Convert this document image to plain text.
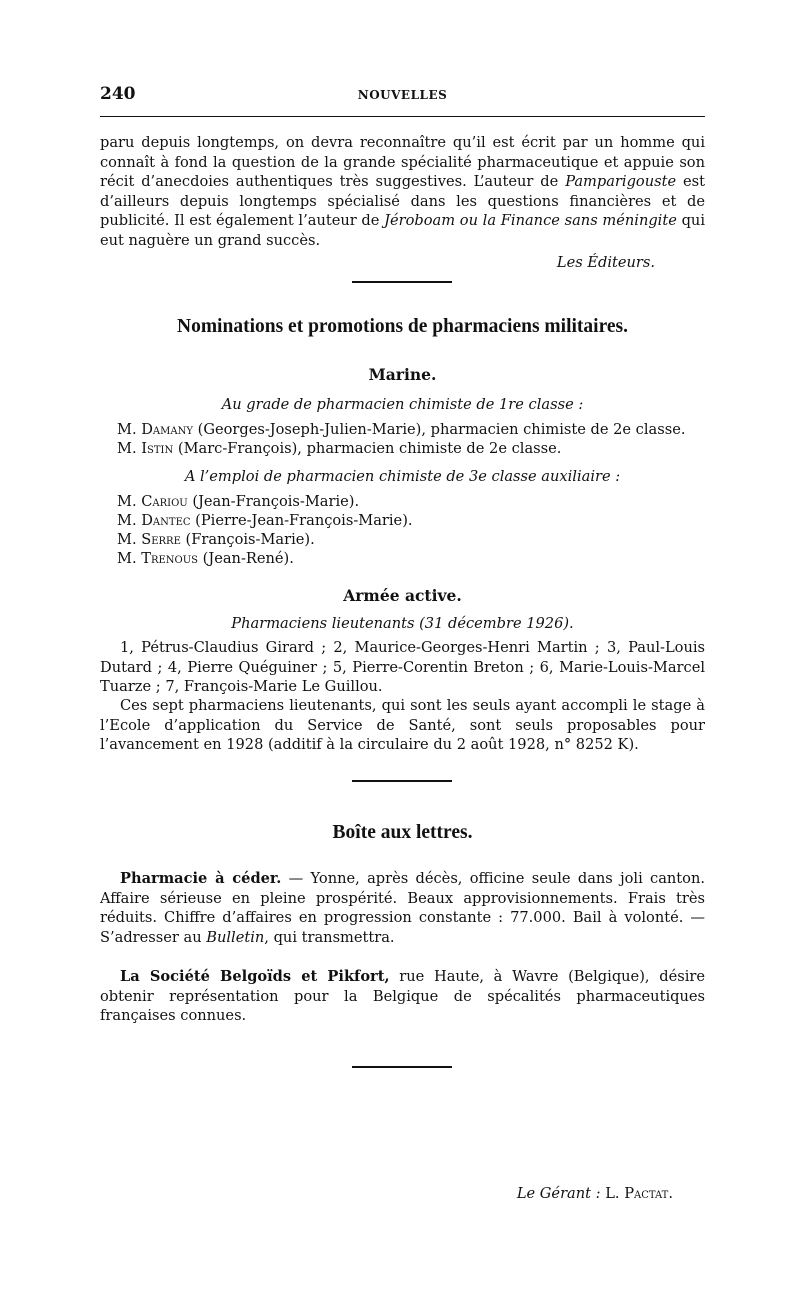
240	NOUVELLES
paru depuis longtemps, on devra reconnaître qu’il est écrit par un homme qui connaît à fond la question de la grande spécialité pharmaceutique et appuie son récit d’anecdoies authentiques très suggestives. L’auteur de Pamparigouste est d’ailleurs depuis longtemps spécialisé dans les questions financières et de publicité. Il est également l’auteur de Jéroboam ou la Finance sans méningite qui eut naguère un grand succès.
Les Éditeurs.
Nominations et promotions de pharmaciens militaires.
Marine.
Au grade de pharmacien chimiste de 1re classe :
M. Damany (Georges-Joseph-Julien-Marie), pharmacien chimiste de 2e classe.
M. Istin (Marc-François), pharmacien chimiste de 2e classe.
A l’emploi de pharmacien chimiste de 3e classe auxiliaire :
M. Cariou (Jean-François-Marie).
M. Dantec (Pierre-Jean-François-Marie).
M. Serre (François-Marie).
M. Trenous (Jean-René).
Armée active.
Pharmaciens lieutenants (31 décembre 1926).
1, Pétrus-Claudius Girard ; 2, Maurice-Georges-Henri Martin ; 3, Paul-Louis Dutard ; 4, Pierre Quéguiner ; 5, Pierre-Corentin Breton ; 6, Marie-Louis-Marcel Tuarze ; 7, François-Marie Le Guillou.
Ces sept pharmaciens lieutenants, qui sont les seuls ayant accompli le stage à l’Ecole d’application du Service de Santé, sont seuls proposables pour l’avancement en 1928 (additif à la circulaire du 2 août 1928, n° 8252 K).
Boîte aux lettres.
Pharmacie à céder. — Yonne, après décès, officine seule dans joli canton. Affaire sérieuse en pleine prospérité. Beaux approvisionnements. Frais très réduits. Chiffre d’affaires en progression constante : 77.000. Bail à volonté. — S’adresser au Bulletin, qui transmettra.
La Société Belgoïds et Pikfort, rue Haute, à Wavre (Belgique), désire obtenir représentation pour la Belgique de spécalités pharmaceutiques françaises connues.
Le Gérant : L. Pactat.
